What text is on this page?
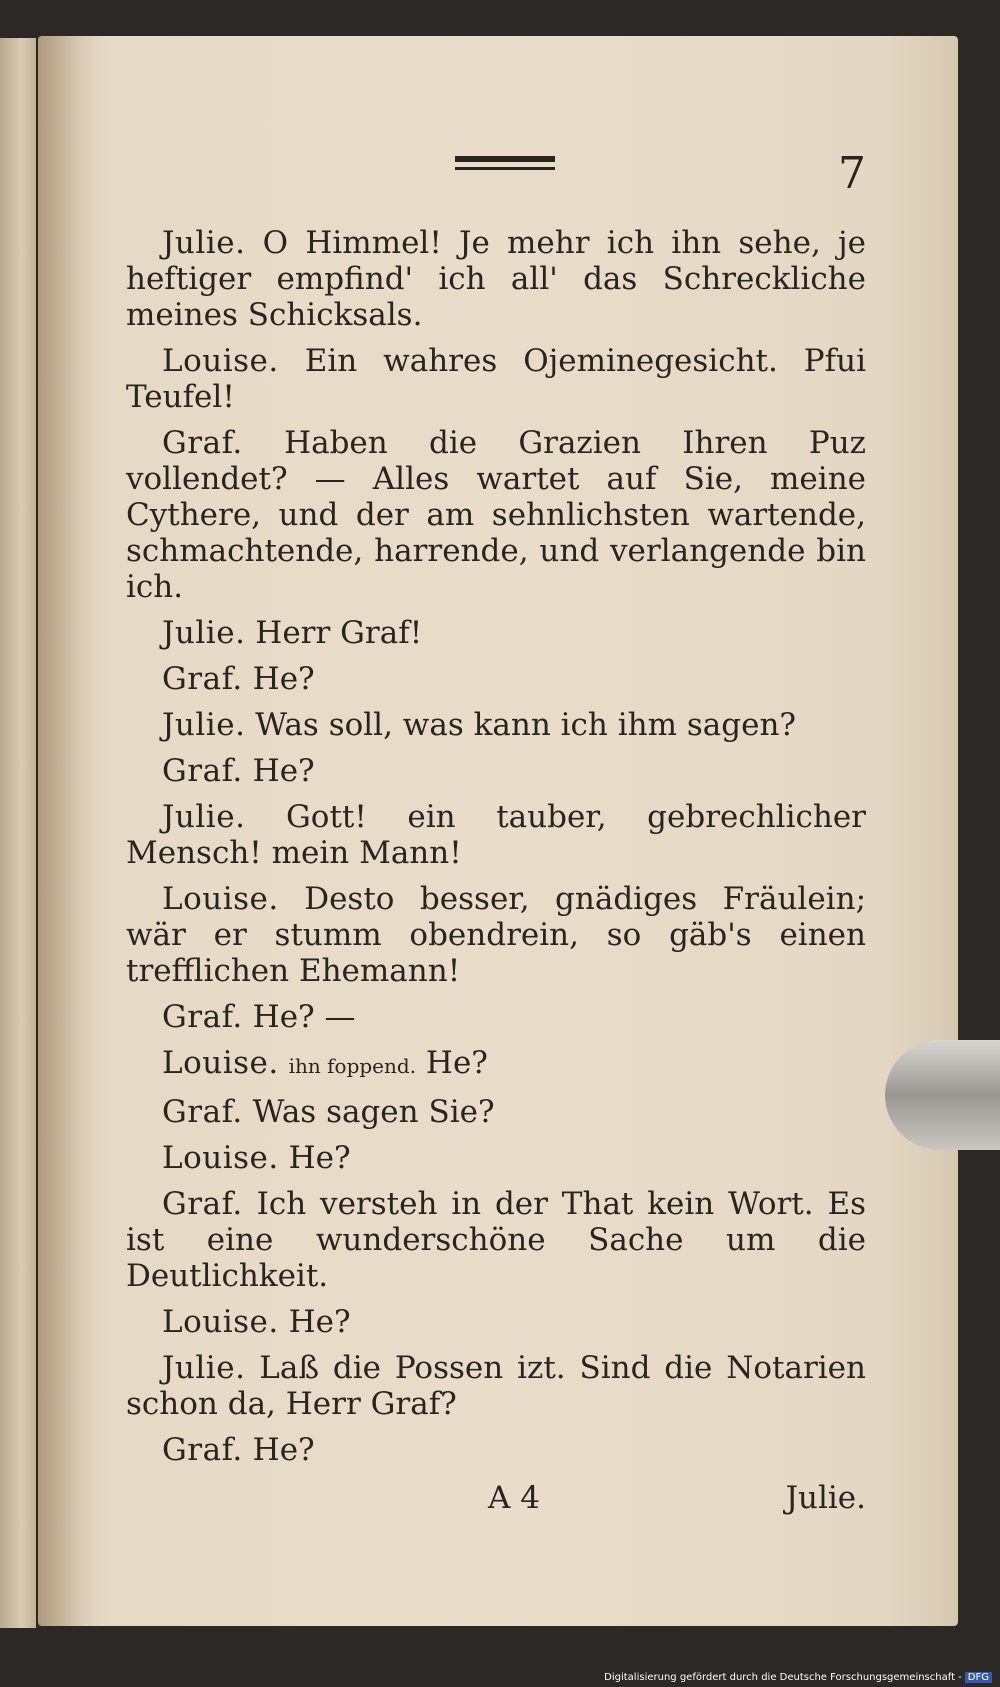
7

Julie. O Himmel! Je mehr ich ihn sehe, je heftiger empfind' ich all' das Schreckliche meines Schicksals.

Louise. Ein wahres Ojeminegesicht. Pfui Teufel!

Graf. Haben die Grazien Ihren Puz vollendet? — Alles wartet auf Sie, meine Cythere, und der am sehnlichsten wartende, schmachtende, harrende, und verlangende bin ich.

Julie. Herr Graf!

Graf. He?

Julie. Was soll, was kann ich ihm sagen?

Graf. He?

Julie. Gott! ein tauber, gebrechlicher Mensch! mein Mann!

Louise. Desto besser, gnädiges Fräulein; wär er stumm obendrein, so gäb's einen trefflichen Ehemann!

Graf. He? —

Louise. ihn foppend. He?

Graf. Was sagen Sie?

Louise. He?

Graf. Ich versteh in der That kein Wort. Es ist eine wunderschöne Sache um die Deutlichkeit.

Louise. He?

Julie. Laß die Possen izt. Sind die Notarien schon da, Herr Graf?

Graf. He?

A 4	Julie.
Digitalisierung gefördert durch die Deutsche Forschungsgemeinschaft - DFG
